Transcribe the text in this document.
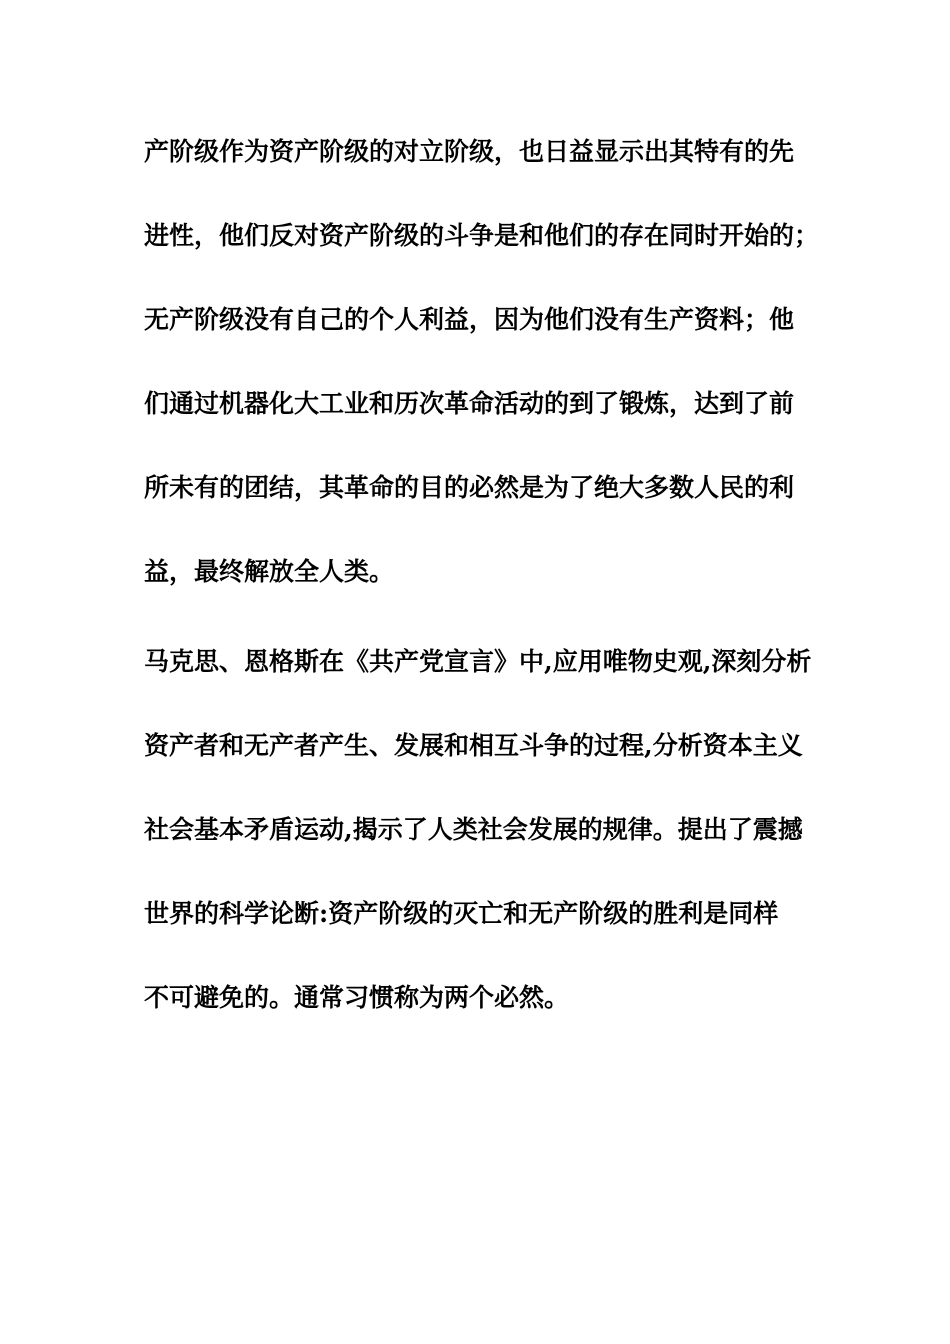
产阶级作为资产阶级的对立阶级，也日益显示出其特有的先
进性，他们反对资产阶级的斗争是和他们的存在同时开始的；
无产阶级没有自己的个人利益，因为他们没有生产资料；他
们通过机器化大工业和历次革命活动的到了锻炼，达到了前
所未有的团结，其革命的目的必然是为了绝大多数人民的利
益，最终解放全人类。
马克思、恩格斯在《共产党宣言》中,应用唯物史观,深刻分析
资产者和无产者产生、发展和相互斗争的过程,分析资本主义
社会基本矛盾运动,揭示了人类社会发展的规律。提出了震撼
世界的科学论断:资产阶级的灭亡和无产阶级的胜利是同样
不可避免的。通常习惯称为两个必然。
